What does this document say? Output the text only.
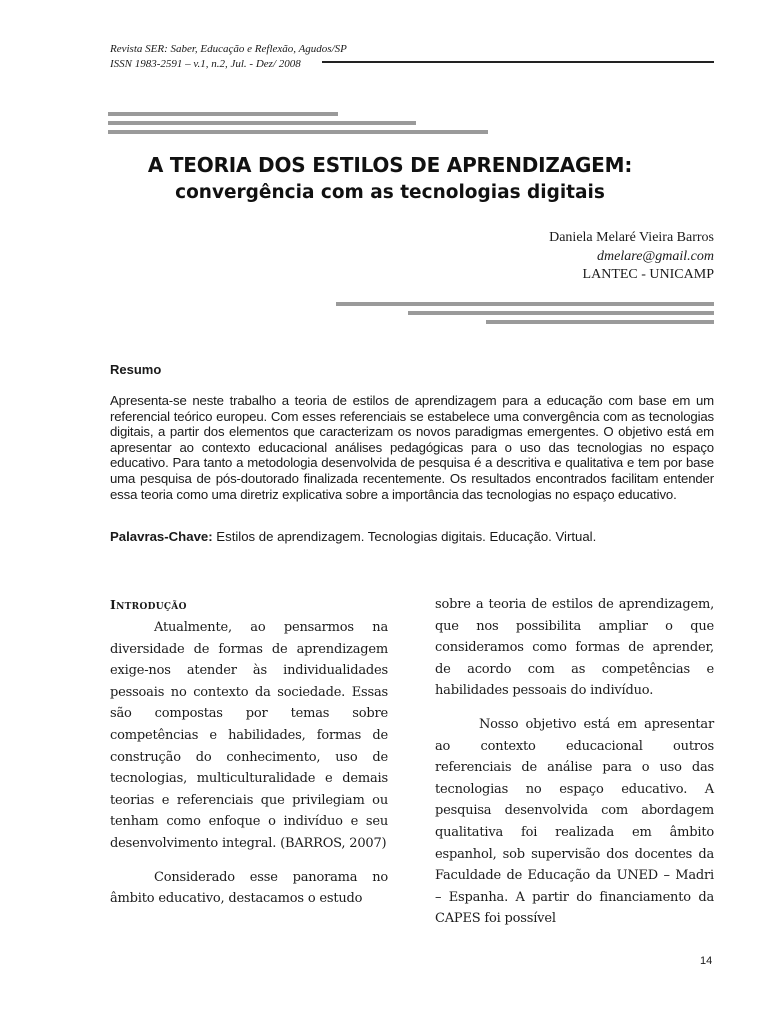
Revista SER: Saber, Educação e Reflexão, Agudos/SP
ISSN 1983-2591 – v.1, n.2, Jul. - Dez/ 2008
A TEORIA DOS ESTILOS DE APRENDIZAGEM:
convergência com as tecnologias digitais
Daniela Melaré Vieira Barros
dmelare@gmail.com
LANTEC - UNICAMP
Resumo
Apresenta-se neste trabalho a teoria de estilos de aprendizagem para a educação com base em um referencial teórico europeu. Com esses referenciais se estabelece uma convergência com as tecnologias digitais, a partir dos elementos que caracterizam os novos paradigmas emergentes. O objetivo está em apresentar ao contexto educacional análises pedagógicas para o uso das tecnologias no espaço educativo. Para tanto a metodologia desenvolvida de pesquisa é a descritiva e qualitativa e tem por base uma pesquisa de pós-doutorado finalizada recentemente. Os resultados encontrados facilitam entender essa teoria como uma diretriz explicativa sobre a importância das tecnologias no espaço educativo.
Palavras-Chave: Estilos de aprendizagem. Tecnologias digitais. Educação. Virtual.
Introdução

Atualmente, ao pensarmos na diversidade de formas de aprendizagem exige-nos atender às individualidades pessoais no contexto da sociedade. Essas são compostas por temas sobre competências e habilidades, formas de construção do conhecimento, uso de tecnologias, multiculturalidade e demais teorias e referenciais que privilegiam ou tenham como enfoque o indivíduo e seu desenvolvimento integral. (BARROS, 2007)

Considerado esse panorama no âmbito educativo, destacamos o estudo

sobre a teoria de estilos de aprendizagem, que nos possibilita ampliar o que consideramos como formas de aprender, de acordo com as competências e habilidades pessoais do indivíduo.

Nosso objetivo está em apresentar ao contexto educacional outros referenciais de análise para o uso das tecnologias no espaço educativo. A pesquisa desenvolvida com abordagem qualitativa foi realizada em âmbito espanhol, sob supervisão dos docentes da Faculdade de Educação da UNED – Madri – Espanha. A partir do financiamento da CAPES foi possível

14
